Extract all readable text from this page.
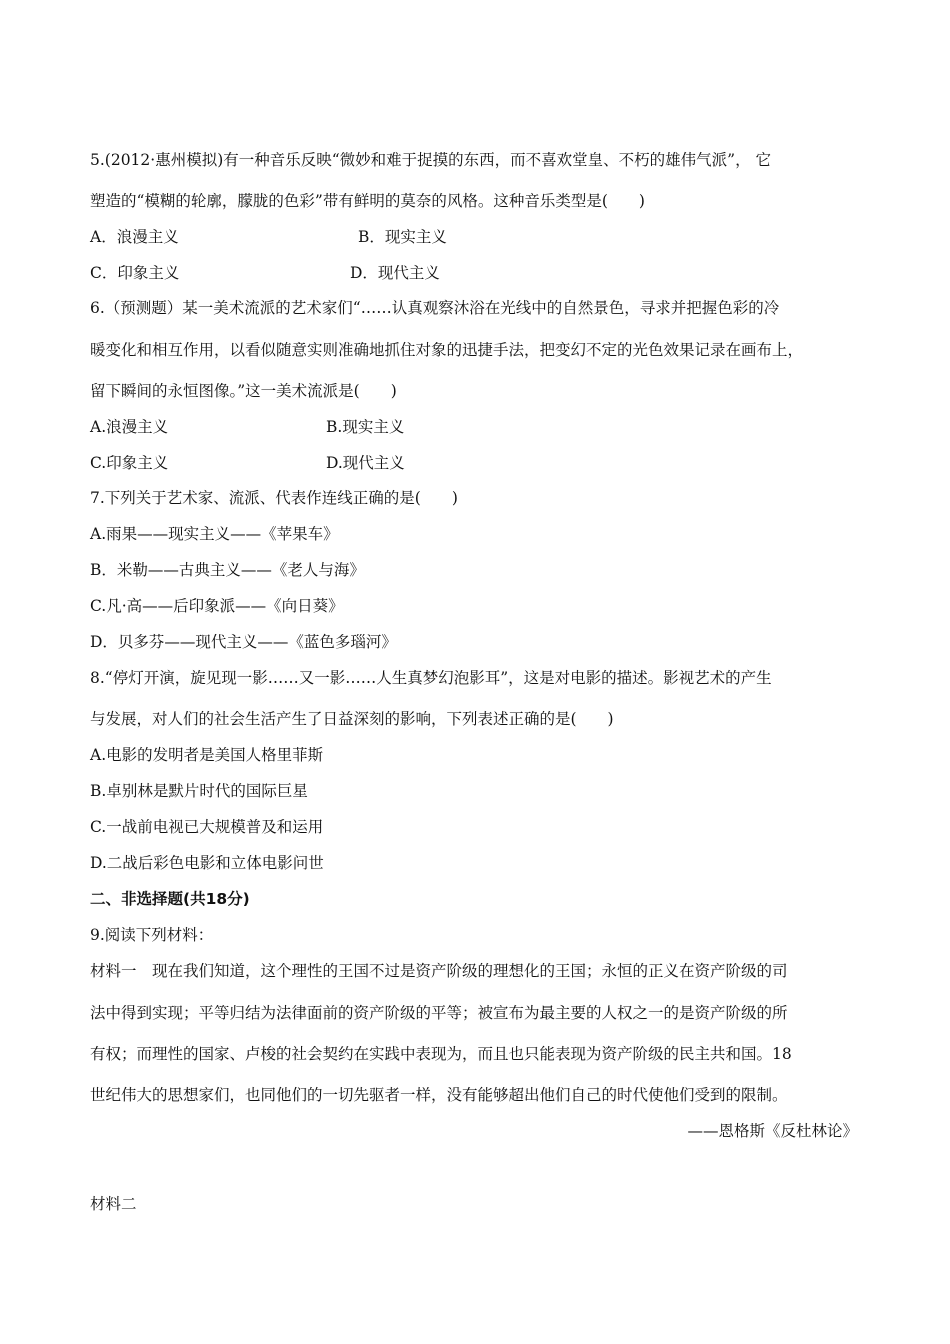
5.(2012·惠州模拟)有一种音乐反映“微妙和难于捉摸的东西，而不喜欢堂皇、不朽的雄伟气派”， 它
塑造的“模糊的轮廓，朦胧的色彩”带有鲜明的莫奈的风格。这种音乐类型是(　　)
A．浪漫主义	B．现实主义
C．印象主义	D．现代主义
6.（预测题）某一美术流派的艺术家们“……认真观察沐浴在光线中的自然景色，寻求并把握色彩的冷
暖变化和相互作用，以看似随意实则准确地抓住对象的迅捷手法，把变幻不定的光色效果记录在画布上，
留下瞬间的永恒图像。”这一美术流派是(　　)
A.浪漫主义	B.现实主义
C.印象主义	D.现代主义
7.下列关于艺术家、流派、代表作连线正确的是(　　)
A.雨果——现实主义——《苹果车》
B．米勒——古典主义——《老人与海》
C.凡·高——后印象派——《向日葵》
D．贝多芬——现代主义——《蓝色多瑙河》
8.“停灯开演，旋见现一影……又一影……人生真梦幻泡影耳”，这是对电影的描述。影视艺术的产生
与发展，对人们的社会生活产生了日益深刻的影响，下列表述正确的是(　　)
A.电影的发明者是美国人格里菲斯
B.卓别林是默片时代的国际巨星
C.一战前电视已大规模普及和运用
D.二战后彩色电影和立体电影问世
二、非选择题(共18分)
9.阅读下列材料：
材料一　现在我们知道，这个理性的王国不过是资产阶级的理想化的王国；永恒的正义在资产阶级的司
法中得到实现；平等归结为法律面前的资产阶级的平等；被宣布为最主要的人权之一的是资产阶级的所
有权；而理性的国家、卢梭的社会契约在实践中表现为，而且也只能表现为资产阶级的民主共和国。18
世纪伟大的思想家们，也同他们的一切先驱者一样，没有能够超出他们自己的时代使他们受到的限制。
——恩格斯《反杜林论》
材料二
